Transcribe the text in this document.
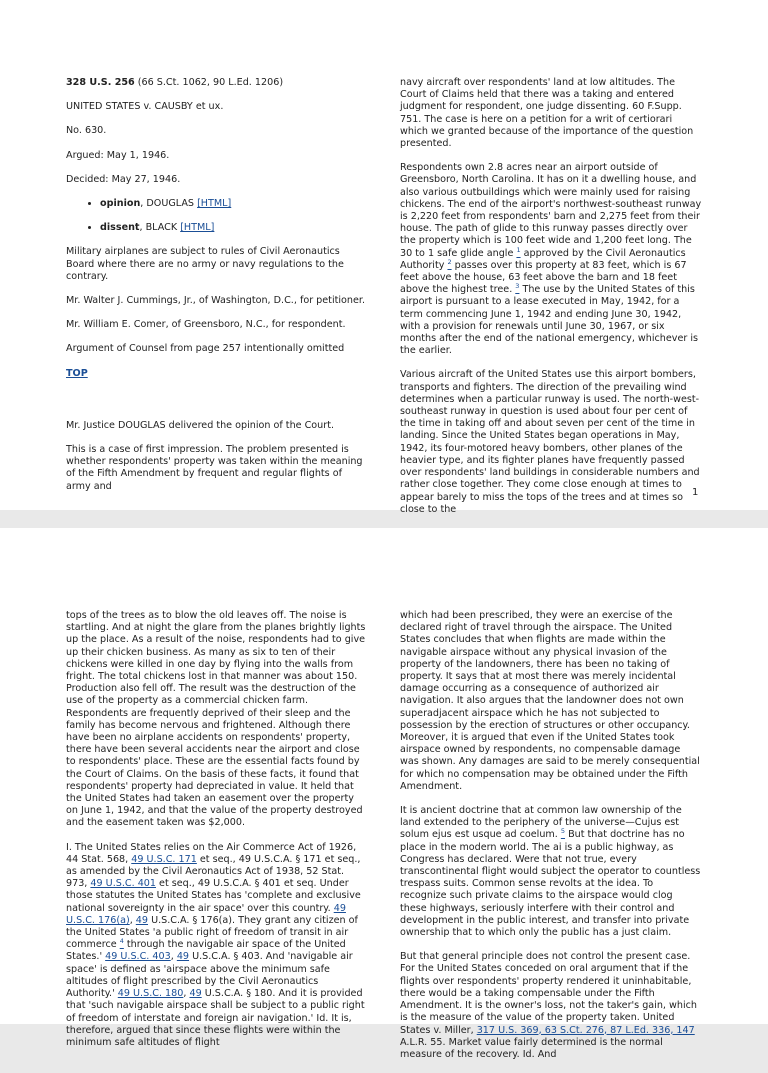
328 U.S. 256 (66 S.Ct. 1062, 90 L.Ed. 1206)

UNITED STATES v. CAUSBY et ux.

No. 630.

Argued: May 1, 1946.

Decided: May 27, 1946.

• opinion, DOUGLAS [HTML]
• dissent, BLACK [HTML]

Military airplanes are subject to rules of Civil Aeronautics Board where there are no army or navy regulations to the contrary.

Mr. Walter J. Cummings, Jr., of Washington, D.C., for petitioner.

Mr. William E. Comer, of Greensboro, N.C., for respondent.

Argument of Counsel from page 257 intentionally omitted

TOP

Mr. Justice DOUGLAS delivered the opinion of the Court.

This is a case of first impression. The problem presented is whether respondents' property was taken within the meaning of the Fifth Amendment by frequent and regular flights of army and

navy aircraft over respondents' land at low altitudes. The Court of Claims held that there was a taking and entered judgment for respondent, one judge dissenting. 60 F.Supp. 751. The case is here on a petition for a writ of certiorari which we granted because of the importance of the question presented.

Respondents own 2.8 acres near an airport outside of Greensboro, North Carolina. It has on it a dwelling house, and also various outbuildings which were mainly used for raising chickens. The end of the airport's northwest-southeast runway is 2,220 feet from respondents' barn and 2,275 feet from their house. The path of glide to this runway passes directly over the property which is 100 feet wide and 1,200 feet long. The 30 to 1 safe glide angle $^1$ approved by the Civil Aeronautics Authority $^2$ passes over this property at 83 feet, which is 67 feet above the house, 63 feet above the barn and 18 feet above the highest tree. $^3$ The use by the United States of this airport is pursuant to a lease executed in May, 1942, for a term commencing June 1, 1942 and ending June 30, 1942, with a provision for renewals until June 30, 1967, or six months after the end of the national emergency, whichever is the earlier.

Various aircraft of the United States use this airport bombers, transports and fighters. The direction of the prevailing wind determines when a particular runway is used. The north-west-southeast runway in question is used about four per cent of the time in taking off and about seven per cent of the time in landing. Since the United States began operations in May, 1942, its four-motored heavy bombers, other planes of the heavier type, and its fighter planes have frequently passed over respondents' land buildings in considerable numbers and rather close together. They come close enough at times to appear barely to miss the tops of the trees and at times so close to the

1

tops of the trees as to blow the old leaves off. The noise is startling. And at night the glare from the planes brightly lights up the place. As a result of the noise, respondents had to give up their chicken business. As many as six to ten of their chickens were killed in one day by flying into the walls from fright. The total chickens lost in that manner was about 150. Production also fell off. The result was the destruction of the use of the property as a commercial chicken farm. Respondents are frequently deprived of their sleep and the family has become nervous and frightened. Although there have been no airplane accidents on respondents' property, there have been several accidents near the airport and close to respondents' place. These are the essential facts found by the Court of Claims. On the basis of these facts, it found that respondents' property had depreciated in value. It held that the United States had taken an easement over the property on June 1, 1942, and that the value of the property destroyed and the easement taken was $2,000.

I. The United States relies on the Air Commerce Act of 1926, 44 Stat. 568, 49 U.S.C. 171 et seq., 49 U.S.C.A. § 171 et seq., as amended by the Civil Aeronautics Act of 1938, 52 Stat. 973, 49 U.S.C. 401 et seq., 49 U.S.C.A. § 401 et seq. Under those statutes the United States has 'complete and exclusive national sovereignty in the air space' over this country. 49 U.S.C. 176(a), 49 U.S.C.A. § 176(a). They grant any citizen of the United States 'a public right of freedom of transit in air commerce $^4$ through the navigable air space of the United States.' 49 U.S.C. 403, 49 U.S.C.A. § 403. And 'navigable air space' is defined as 'airspace above the minimum safe altitudes of flight prescribed by the Civil Aeronautics Authority.' 49 U.S.C. 180, 49 U.S.C.A. § 180. And it is provided that 'such navigable airspace shall be subject to a public right of freedom of interstate and foreign air navigation.' Id. It is, therefore, argued that since these flights were within the minimum safe altitudes of flight

which had been prescribed, they were an exercise of the declared right of travel through the airspace. The United States concludes that when flights are made within the navigable airspace without any physical invasion of the property of the landowners, there has been no taking of property. It says that at most there was merely incidental damage occurring as a consequence of authorized air navigation. It also argues that the landowner does not own superadjacent airspace which he has not subjected to possession by the erection of structures or other occupancy. Moreover, it is argued that even if the United States took airspace owned by respondents, no compensable damage was shown. Any damages are said to be merely consequential for which no compensation may be obtained under the Fifth Amendment.

It is ancient doctrine that at common law ownership of the land extended to the periphery of the universe—Cujus est solum ejus est usque ad coelum. $^5$ But that doctrine has no place in the modern world. The ai is a public highway, as Congress has declared. Were that not true, every transcontinental flight would subject the operator to countless trespass suits. Common sense revolts at the idea. To recognize such private claims to the airspace would clog these highways, seriously interfere with their control and development in the public interest, and transfer into private ownership that to which only the public has a just claim.

But that general principle does not control the present case. For the United States conceded on oral argument that if the flights over respondents' property rendered it uninhabitable, there would be a taking compensable under the Fifth Amendment. It is the owner's loss, not the taker's gain, which is the measure of the value of the property taken. United States v. Miller, 317 U.S. 369, 63 S.Ct. 276, 87 L.Ed. 336, 147 A.L.R. 55. Market value fairly determined is the normal measure of the recovery. Id. And
